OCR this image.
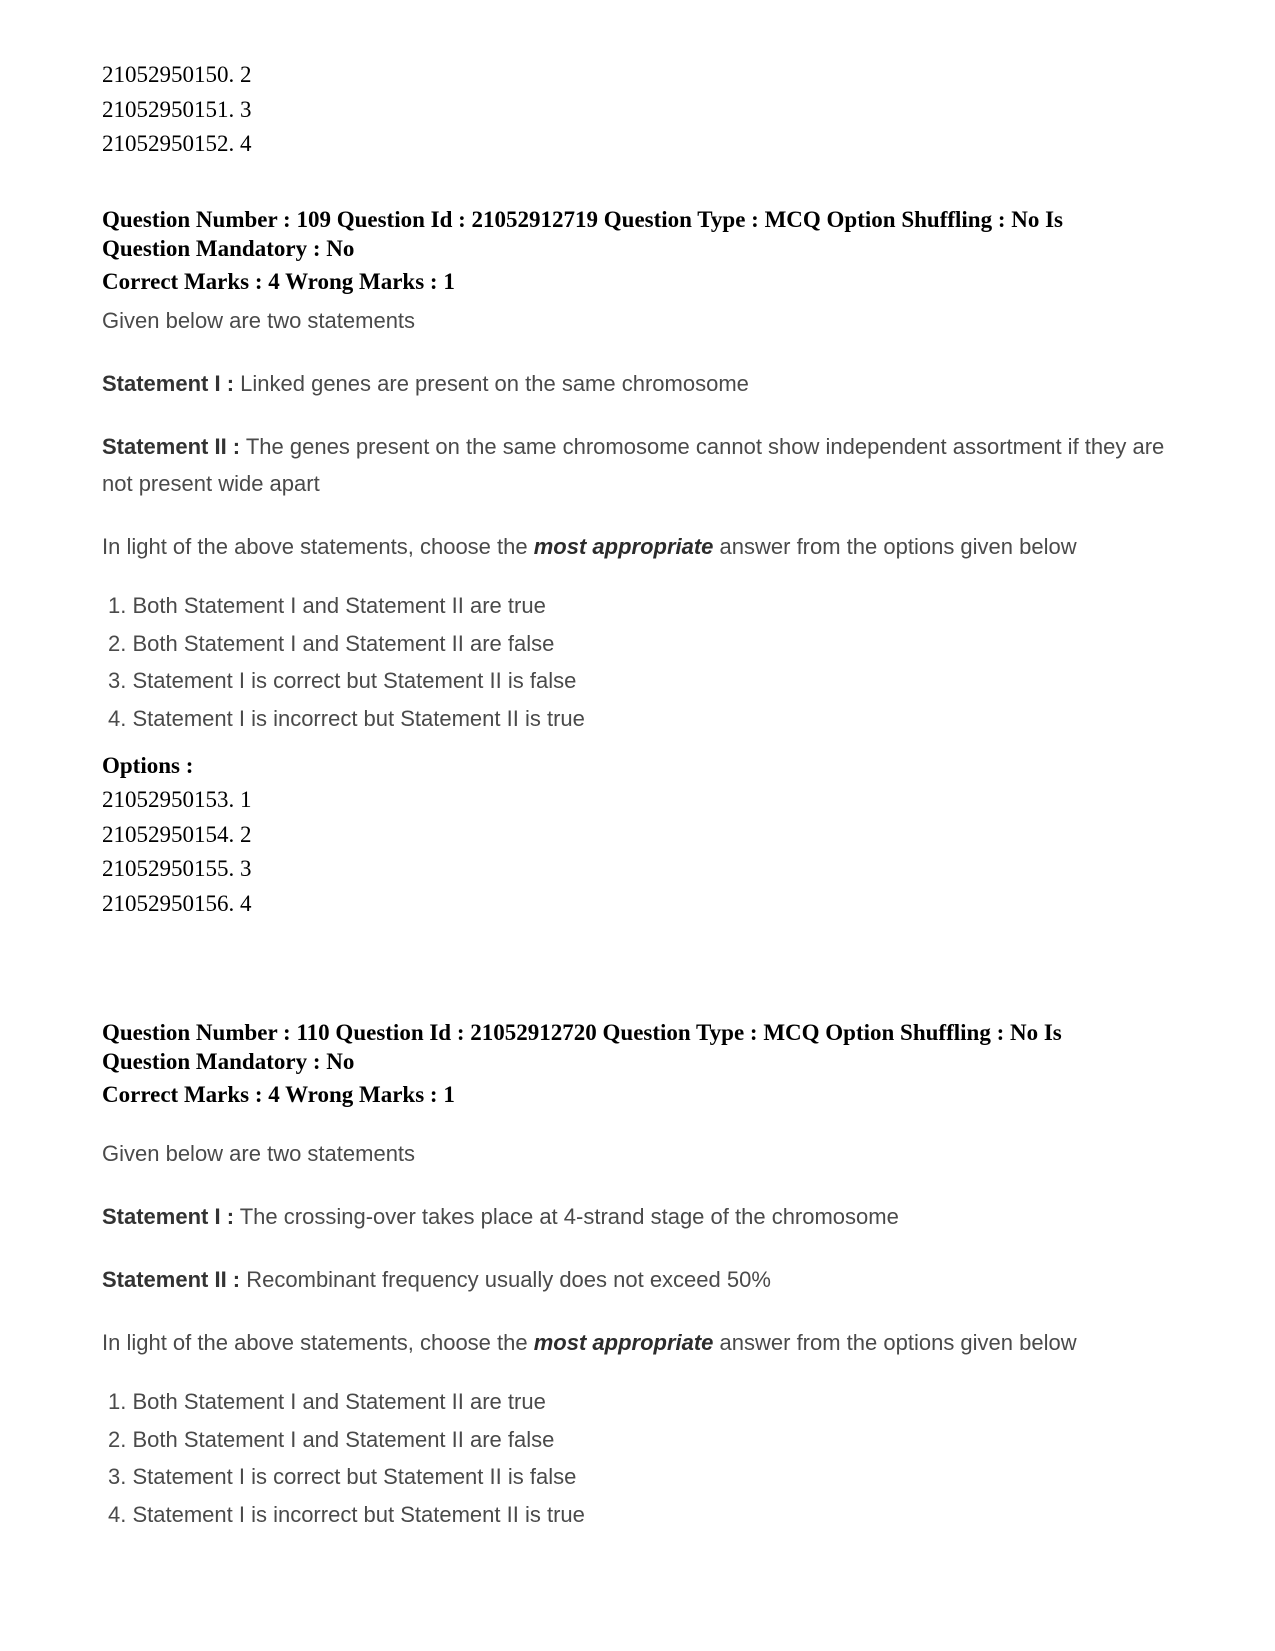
21052950150. 2
21052950151. 3
21052950152. 4
Question Number : 109 Question Id : 21052912719 Question Type : MCQ Option Shuffling : No Is
Question Mandatory : No
Correct Marks : 4 Wrong Marks : 1

Given below are two statements

Statement I : Linked genes are present on the same chromosome

Statement II : The genes present on the same chromosome cannot show independent assortment if they are not present wide apart

In light of the above statements, choose the most appropriate answer from the options given below

1. Both Statement I and Statement II are true
2. Both Statement I and Statement II are false
3. Statement I is correct but Statement II is false
4. Statement I is incorrect but Statement II is true
Options :
21052950153. 1
21052950154. 2
21052950155. 3
21052950156. 4
Question Number : 110 Question Id : 21052912720 Question Type : MCQ Option Shuffling : No Is
Question Mandatory : No
Correct Marks : 4 Wrong Marks : 1

Given below are two statements

Statement I : The crossing-over takes place at 4-strand stage of the chromosome

Statement II : Recombinant frequency usually does not exceed 50%

In light of the above statements, choose the most appropriate answer from the options given below

1. Both Statement I and Statement II are true
2. Both Statement I and Statement II are false
3. Statement I is correct but Statement II is false
4. Statement I is incorrect but Statement II is true
